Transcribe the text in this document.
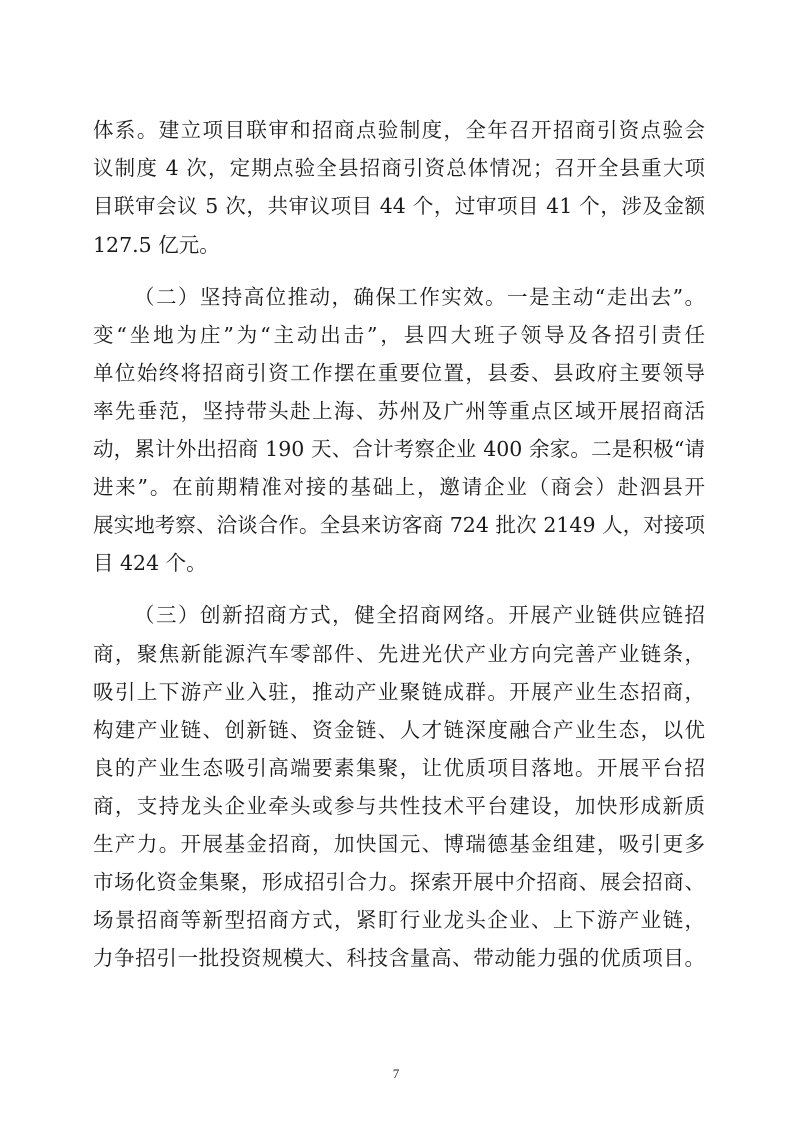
体系。建立项目联审和招商点验制度，全年召开招商引资点验会
议制度 4 次，定期点验全县招商引资总体情况；召开全县重大项
目联审会议 5 次，共审议项目 44 个，过审项目 41 个，涉及金额
127.5 亿元。
（二）坚持高位推动，确保工作实效。一是主动“走出去”。
变“坐地为庄”为“主动出击”，县四大班子领导及各招引责任
单位始终将招商引资工作摆在重要位置，县委、县政府主要领导
率先垂范，坚持带头赴上海、苏州及广州等重点区域开展招商活
动，累计外出招商 190 天、合计考察企业 400 余家。二是积极“请
进来”。在前期精准对接的基础上，邀请企业（商会）赴泗县开
展实地考察、洽谈合作。全县来访客商 724 批次 2149 人，对接项
目 424 个。
（三）创新招商方式，健全招商网络。开展产业链供应链招
商，聚焦新能源汽车零部件、先进光伏产业方向完善产业链条，
吸引上下游产业入驻，推动产业聚链成群。开展产业生态招商，
构建产业链、创新链、资金链、人才链深度融合产业生态，以优
良的产业生态吸引高端要素集聚，让优质项目落地。开展平台招
商，支持龙头企业牵头或参与共性技术平台建设，加快形成新质
生产力。开展基金招商，加快国元、博瑞德基金组建，吸引更多
市场化资金集聚，形成招引合力。探索开展中介招商、展会招商、
场景招商等新型招商方式，紧盯行业龙头企业、上下游产业链，
力争招引一批投资规模大、科技含量高、带动能力强的优质项目。
7
